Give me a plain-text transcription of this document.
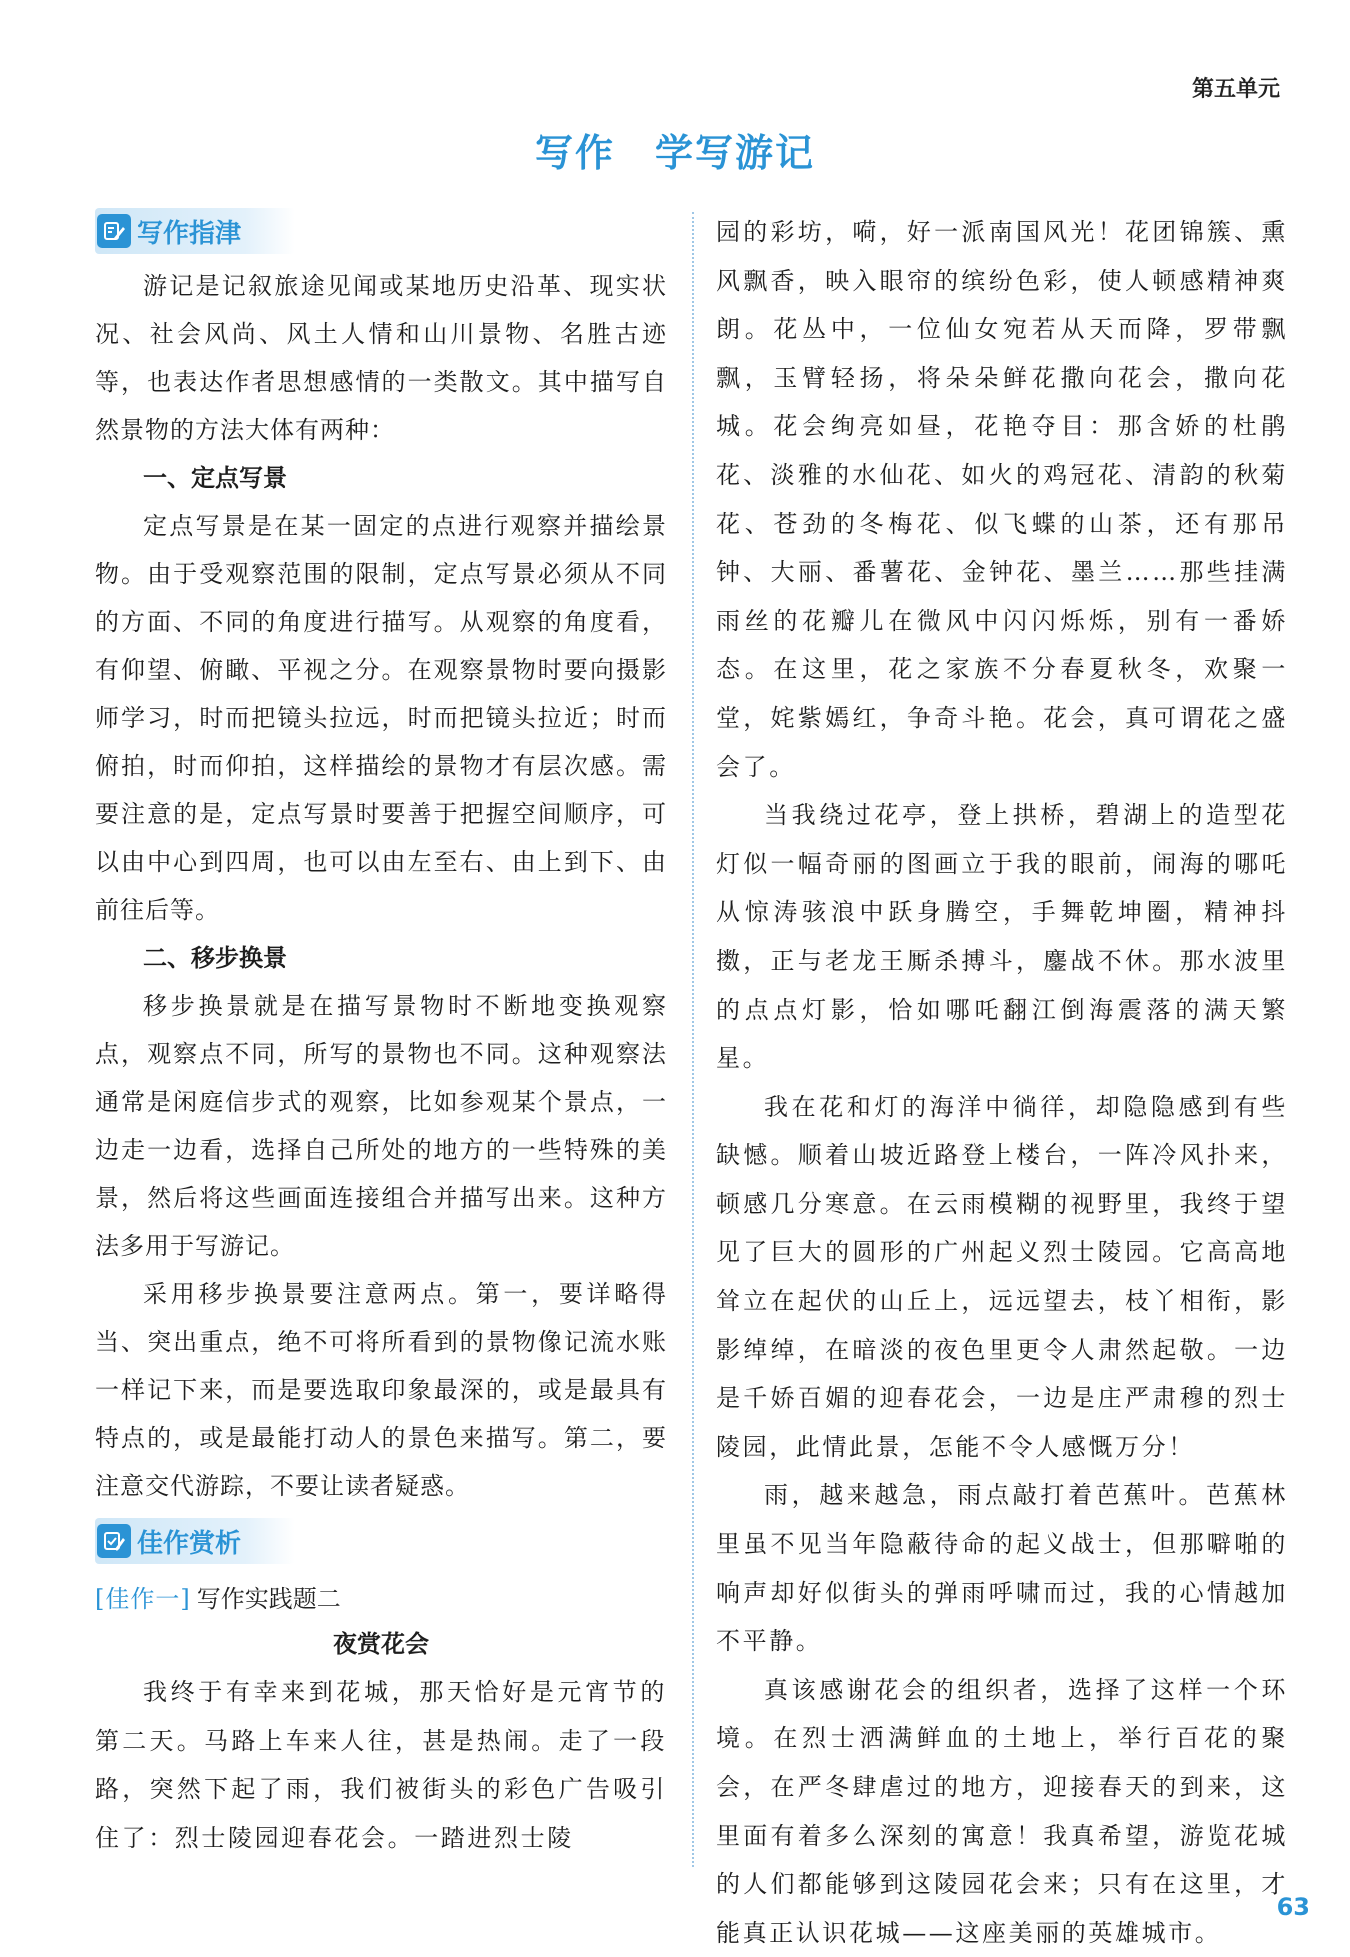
第五单元
写作　学写游记
写作指津

游记是记叙旅途见闻或某地历史沿革、现实状况、社会风尚、风土人情和山川景物、名胜古迹等，也表达作者思想感情的一类散文。其中描写自然景物的方法大体有两种：

一、定点写景

定点写景是在某一固定的点进行观察并描绘景物。由于受观察范围的限制，定点写景必须从不同的方面、不同的角度进行描写。从观察的角度看，有仰望、俯瞰、平视之分。在观察景物时要向摄影师学习，时而把镜头拉远，时而把镜头拉近；时而俯拍，时而仰拍，这样描绘的景物才有层次感。需要注意的是，定点写景时要善于把握空间顺序，可以由中心到四周，也可以由左至右、由上到下、由前往后等。

二、移步换景

移步换景就是在描写景物时不断地变换观察点，观察点不同，所写的景物也不同。这种观察法通常是闲庭信步式的观察，比如参观某个景点，一边走一边看，选择自己所处的地方的一些特殊的美景，然后将这些画面连接组合并描写出来。这种方法多用于写游记。

采用移步换景要注意两点。第一，要详略得当、突出重点，绝不可将所看到的景物像记流水账一样记下来，而是要选取印象最深的，或是最具有特点的，或是最能打动人的景色来描写。第二，要注意交代游踪，不要让读者疑惑。

佳作赏析
[佳作一] 写作实践题二

夜赏花会

我终于有幸来到花城，那天恰好是元宵节的第二天。马路上车来人往，甚是热闹。走了一段路，突然下起了雨，我们被街头的彩色广告吸引住了：烈士陵园迎春花会。一踏进烈士陵

园的彩坊，嗬，好一派南国风光！花团锦簇、熏风飘香，映入眼帘的缤纷色彩，使人顿感精神爽朗。花丛中，一位仙女宛若从天而降，罗带飘飘，玉臂轻扬，将朵朵鲜花撒向花会，撒向花城。花会绚亮如昼，花艳夺目：那含娇的杜鹃花、淡雅的水仙花、如火的鸡冠花、清韵的秋菊花、苍劲的冬梅花、似飞蝶的山茶，还有那吊钟、大丽、番薯花、金钟花、墨兰……那些挂满雨丝的花瓣儿在微风中闪闪烁烁，别有一番娇态。在这里，花之家族不分春夏秋冬，欢聚一堂，姹紫嫣红，争奇斗艳。花会，真可谓花之盛会了。

当我绕过花亭，登上拱桥，碧湖上的造型花灯似一幅奇丽的图画立于我的眼前，闹海的哪吒从惊涛骇浪中跃身腾空，手舞乾坤圈，精神抖擞，正与老龙王厮杀搏斗，鏖战不休。那水波里的点点灯影，恰如哪吒翻江倒海震落的满天繁星。

我在花和灯的海洋中徜徉，却隐隐感到有些缺憾。顺着山坡近路登上楼台，一阵冷风扑来，顿感几分寒意。在云雨模糊的视野里，我终于望见了巨大的圆形的广州起义烈士陵园。它高高地耸立在起伏的山丘上，远远望去，枝丫相衔，影影绰绰，在暗淡的夜色里更令人肃然起敬。一边是千娇百媚的迎春花会，一边是庄严肃穆的烈士陵园，此情此景，怎能不令人感慨万分！

雨，越来越急，雨点敲打着芭蕉叶。芭蕉林里虽不见当年隐蔽待命的起义战士，但那噼啪的响声却好似街头的弹雨呼啸而过，我的心情越加不平静。

真该感谢花会的组织者，选择了这样一个环境。在烈士洒满鲜血的土地上，举行百花的聚会，在严冬肆虐过的地方，迎接春天的到来，这里面有着多么深刻的寓意！我真希望，游览花城的人们都能够到这陵园花会来；只有在这里，才能真正认识花城——这座美丽的英雄城市。

63
